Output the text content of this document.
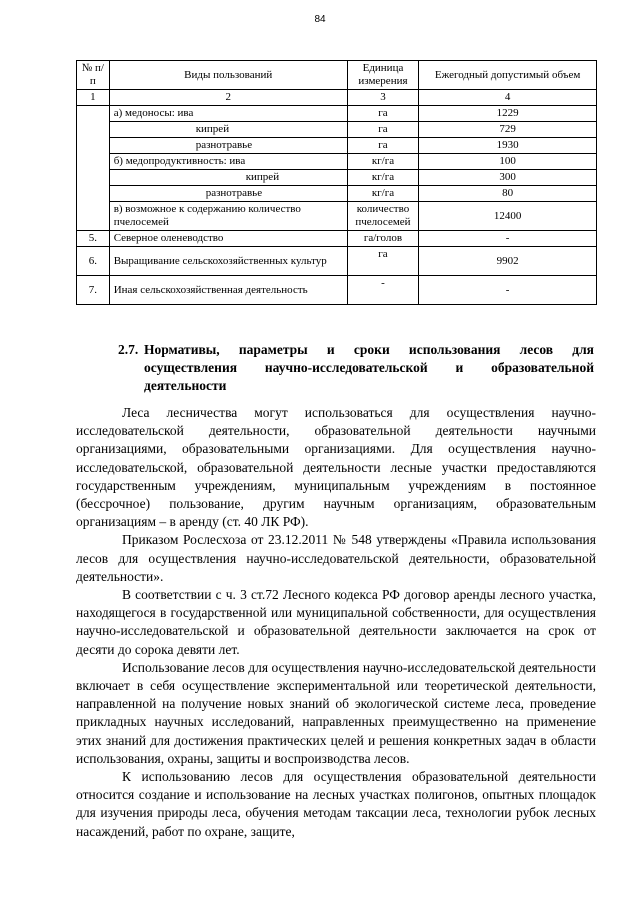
84
№ п/п	Виды пользований	Единица измерения	Ежегодный допустимый объем
1	2	3	4
	а) медоносы: ива	га	1229
	кипрей	га	729
	разнотравье	га	1930
	б) медопродуктивность: ива	кг/га	100
	кипрей	кг/га	300
	разнотравье	кг/га	80
	в) возможное к содержанию количество пчелосемей	количество пчелосемей	12400
5.	Северное оленеводство	га/голов	-
6.	Выращивание сельскохозяйственных культур	га	9902
7.	Иная сельскохозяйственная деятельность	-	-
2.7. Нормативы, параметры и сроки использования лесов для осуществления научно-исследовательской и образовательной деятельности

Леса лесничества могут использоваться для осуществления научно-исследовательской деятельности, образовательной деятельности научными организациями, образовательными организациями. Для осуществления научно-исследовательской, образовательной деятельности лесные участки предоставляются государственным учреждениям, муниципальным учреждениям в постоянное (бессрочное) пользование, другим научным организациям, образовательным организациям – в аренду (ст. 40 ЛК РФ).

Приказом Рослесхоза от 23.12.2011 № 548 утверждены «Правила использования лесов для осуществления научно-исследовательской деятельности, образовательной деятельности».

В соответствии с ч. 3 ст.72 Лесного кодекса РФ договор аренды лесного участка, находящегося в государственной или муниципальной собственности, для осуществления научно-исследовательской и образовательной деятельности заключается на срок от десяти до сорока девяти лет.

Использование лесов для осуществления научно-исследовательской деятельности включает в себя осуществление экспериментальной или теоретической деятельности, направленной на получение новых знаний об экологической системе леса, проведение прикладных научных исследований, направленных преимущественно на применение этих знаний для достижения практических целей и решения конкретных задач в области использования, охраны, защиты и воспроизводства лесов.

К использованию лесов для осуществления образовательной деятельности относится создание и использование на лесных участках полигонов, опытных площадок для изучения природы леса, обучения методам таксации леса, технологии рубок лесных насаждений, работ по охране, защите,
